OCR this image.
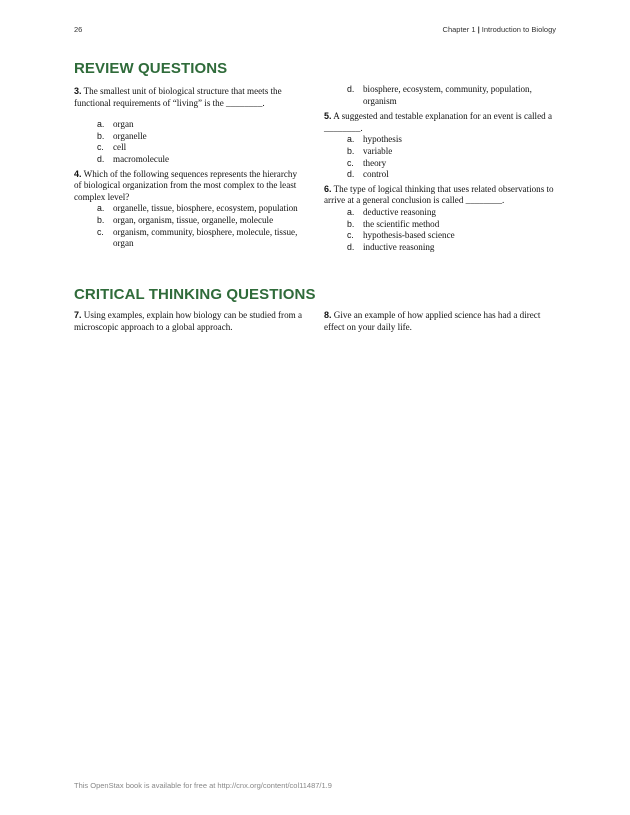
26	Chapter 1 | Introduction to Biology
REVIEW QUESTIONS

3. The smallest unit of biological structure that meets the functional requirements of “living” is the ________.

a. organ
b. organelle
c. cell
d. macromolecule

4. Which of the following sequences represents the hierarchy of biological organization from the most complex to the least complex level?

a. organelle, tissue, biosphere, ecosystem, population
b. organ, organism, tissue, organelle, molecule
c. organism, community, biosphere, molecule, tissue, organ
d. biosphere, ecosystem, community, population, organism

5. A suggested and testable explanation for an event is called a ________.

a. hypothesis
b. variable
c. theory
d. control

6. The type of logical thinking that uses related observations to arrive at a general conclusion is called ________.

a. deductive reasoning
b. the scientific method
c. hypothesis-based science
d. inductive reasoning
CRITICAL THINKING QUESTIONS

7. Using examples, explain how biology can be studied from a microscopic approach to a global approach.

8. Give an example of how applied science has had a direct effect on your daily life.

This OpenStax book is available for free at http://cnx.org/content/col11487/1.9
